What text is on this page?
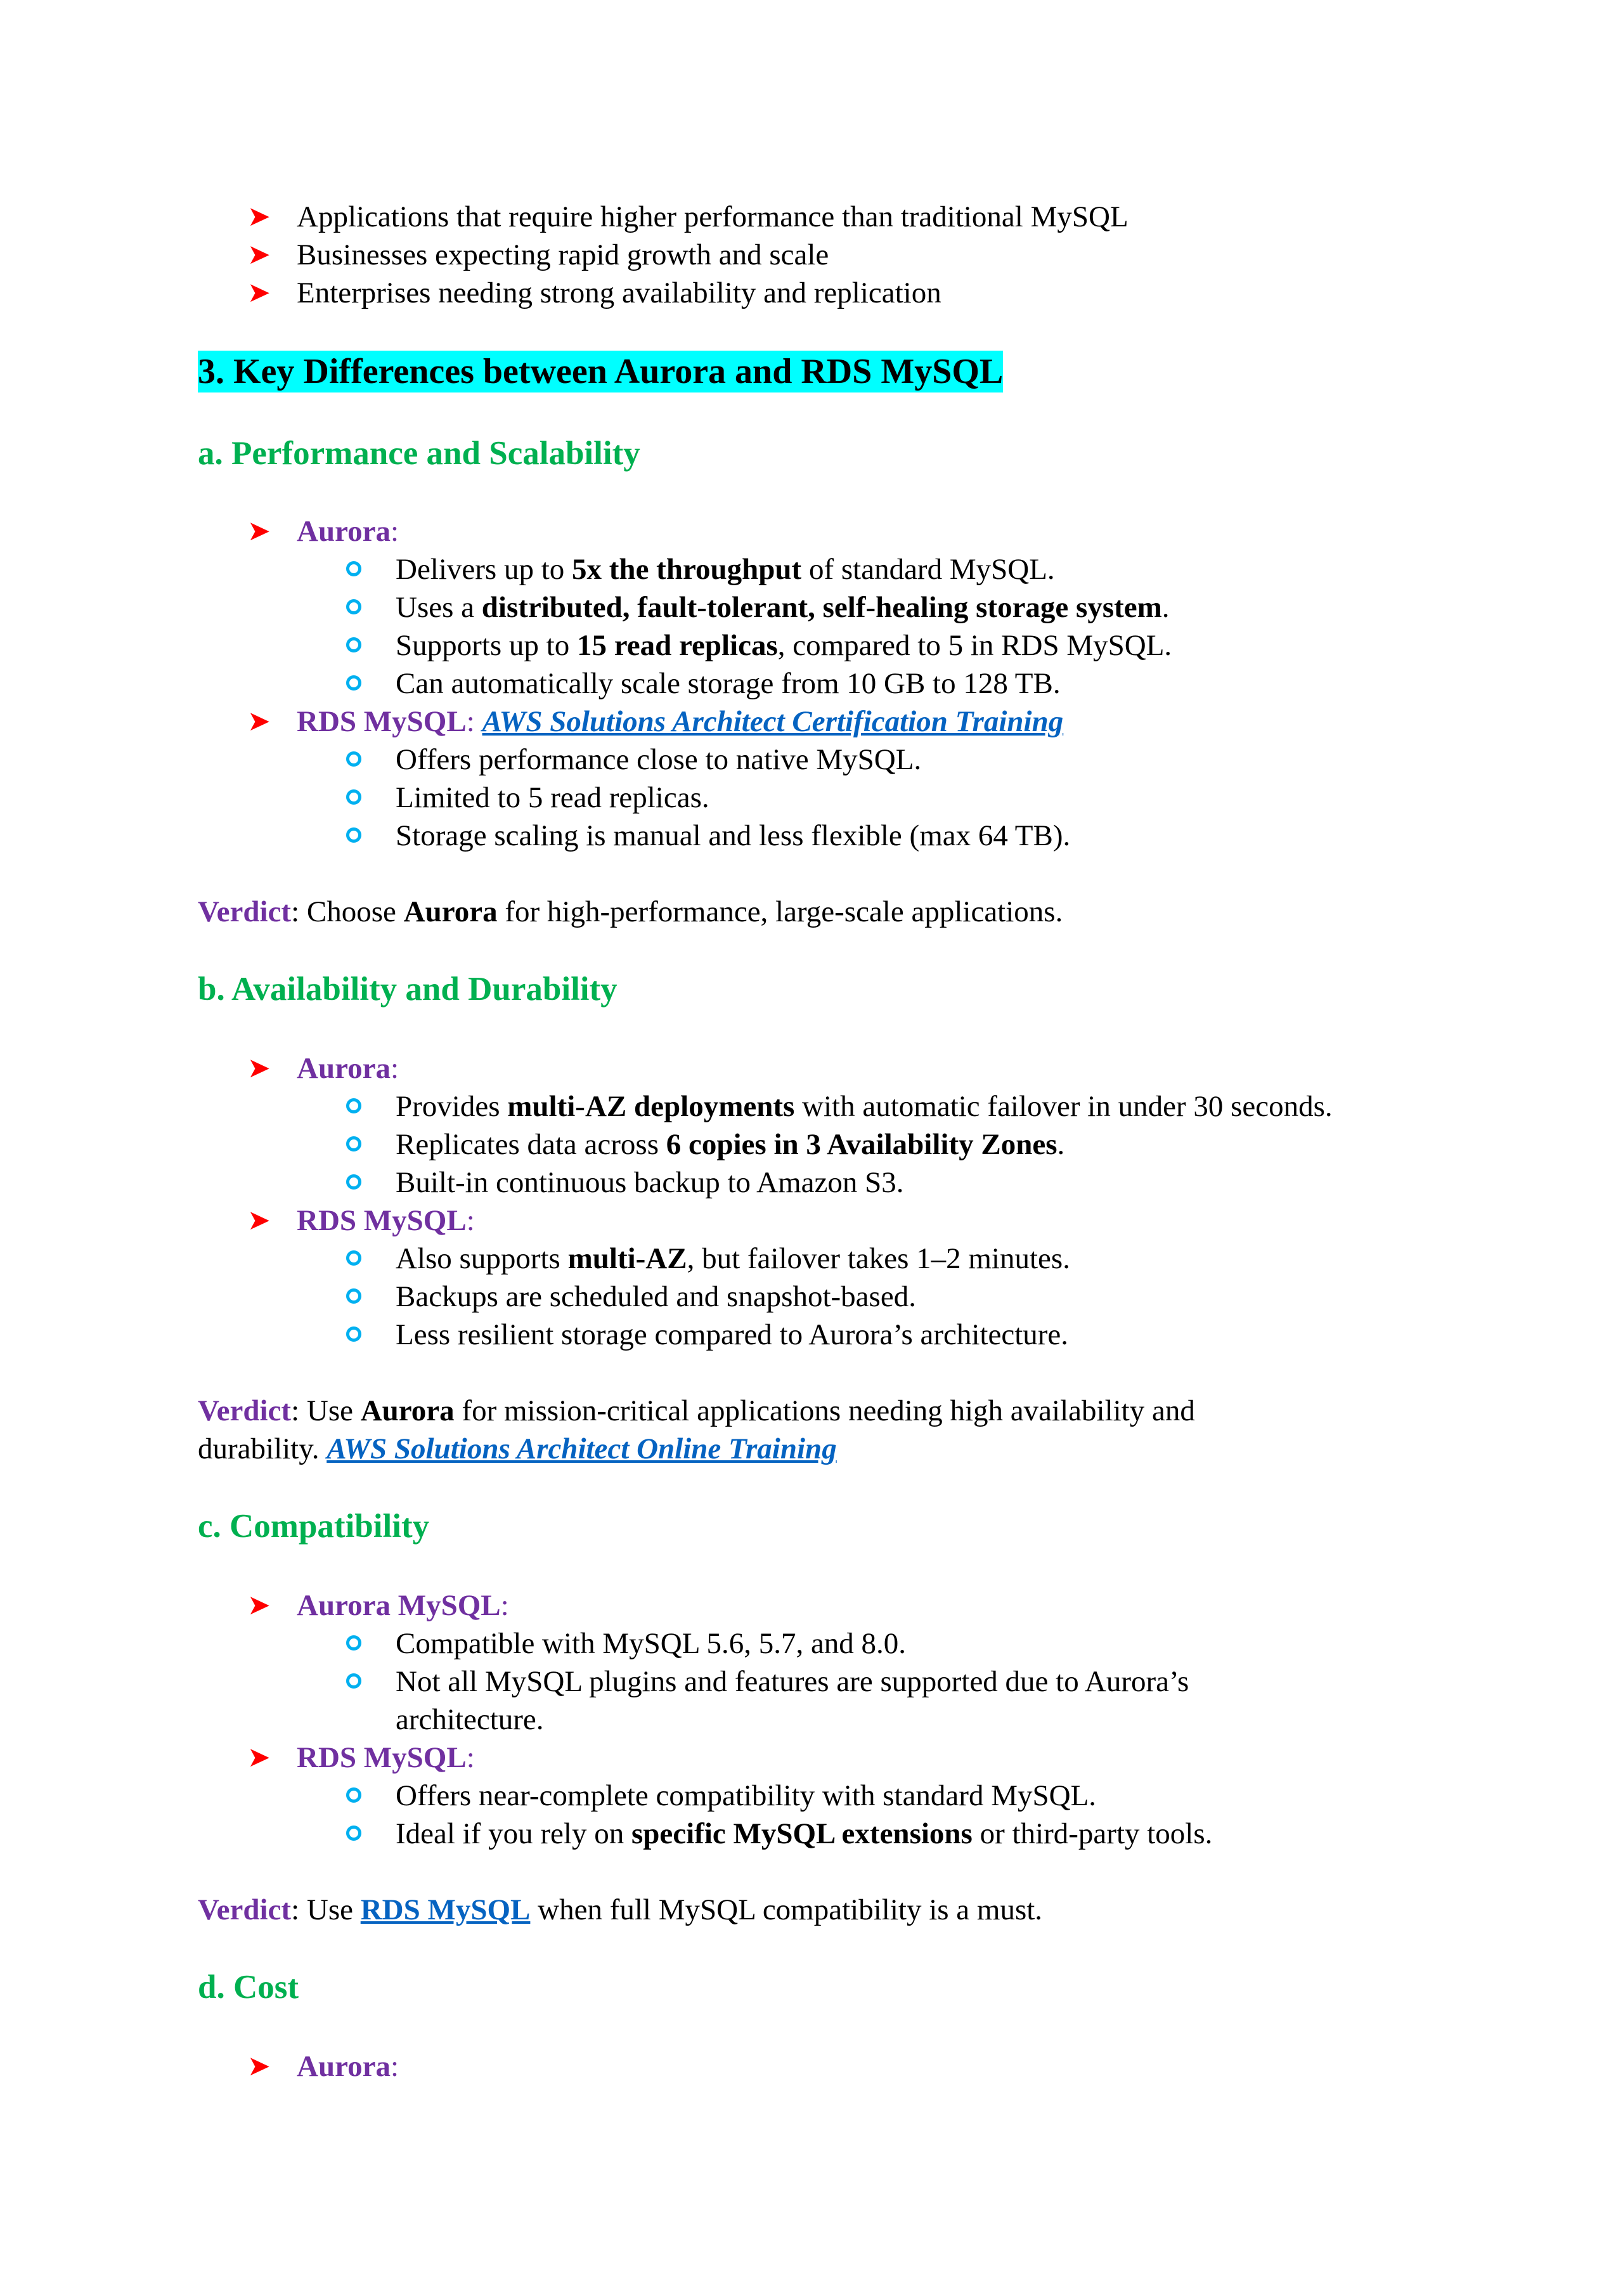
➤ Applications that require higher performance than traditional MySQL
➤ Businesses expecting rapid growth and scale
➤ Enterprises needing strong availability and replication
3. Key Differences between Aurora and RDS MySQL
a. Performance and Scalability
➤ Aurora:
Delivers up to 5x the throughput of standard MySQL.
Uses a distributed, fault-tolerant, self-healing storage system.
Supports up to 15 read replicas, compared to 5 in RDS MySQL.
Can automatically scale storage from 10 GB to 128 TB.
➤ RDS MySQL: AWS Solutions Architect Certification Training
Offers performance close to native MySQL.
Limited to 5 read replicas.
Storage scaling is manual and less flexible (max 64 TB).
Verdict: Choose Aurora for high-performance, large-scale applications.
b. Availability and Durability
➤ Aurora:
Provides multi-AZ deployments with automatic failover in under 30 seconds.
Replicates data across 6 copies in 3 Availability Zones.
Built-in continuous backup to Amazon S3.
➤ RDS MySQL:
Also supports multi-AZ, but failover takes 1–2 minutes.
Backups are scheduled and snapshot-based.
Less resilient storage compared to Aurora’s architecture.
Verdict: Use Aurora for mission-critical applications needing high availability and
durability. AWS Solutions Architect Online Training
c. Compatibility
➤ Aurora MySQL:
Compatible with MySQL 5.6, 5.7, and 8.0.
Not all MySQL plugins and features are supported due to Aurora’s
architecture.
➤ RDS MySQL:
Offers near-complete compatibility with standard MySQL.
Ideal if you rely on specific MySQL extensions or third-party tools.
Verdict: Use RDS MySQL when full MySQL compatibility is a must.
d. Cost
➤ Aurora:
